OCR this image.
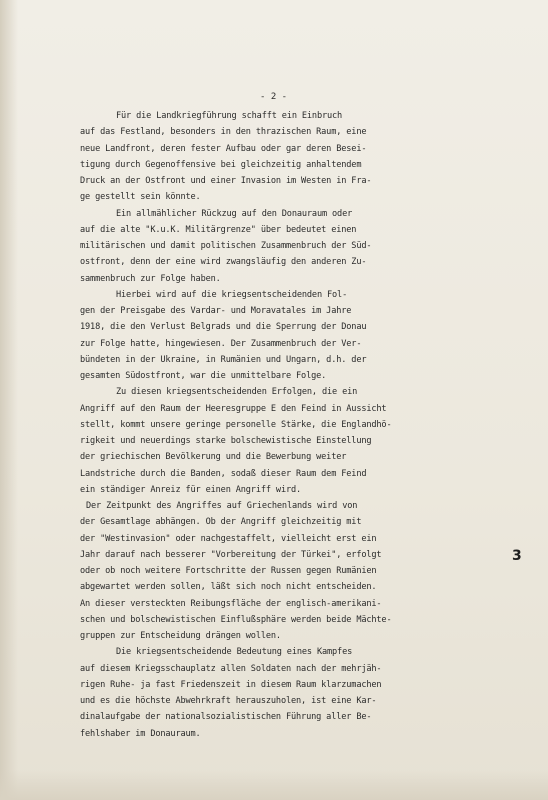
- 2 -
Für die Landkriegführung schafft ein Einbruch
auf das Festland, besonders in den thrazischen Raum, eine
neue Landfront, deren fester Aufbau oder gar deren Besei-
tigung durch Gegenoffensive bei gleichzeitig anhaltendem
Druck an der Ostfront und einer Invasion im Westen in Fra-
ge gestellt sein könnte.
Ein allmählicher Rückzug auf den Donauraum oder
auf die alte "K.u.K. Militärgrenze" über bedeutet einen
militärischen und damit politischen Zusammenbruch der Süd-
ostfront, denn der eine wird zwangsläufig den anderen Zu-
sammenbruch zur Folge haben.
Hierbei wird auf die kriegsentscheidenden Fol-
gen der Preisgabe des Vardar- und Moravatales im Jahre
1918, die den Verlust Belgrads und die Sperrung der Donau
zur Folge hatte, hingewiesen. Der Zusammenbruch der Ver-
bündeten in der Ukraine, in Rumänien und Ungarn, d.h. der
gesamten Südostfront, war die unmittelbare Folge.
Zu diesen kriegsentscheidenden Erfolgen, die ein
Angriff auf den Raum der Heeresgruppe E den Feind in Aussicht
stellt, kommt unsere geringe personelle Stärke, die Englandhö-
rigkeit und neuerdings starke bolschewistische Einstellung
der griechischen Bevölkerung und die Bewerbung weiter
Landstriche durch die Banden, sodaß dieser Raum dem Feind
ein ständiger Anreiz für einen Angriff wird.
Der Zeitpunkt des Angriffes auf Griechenlands wird von
der Gesamtlage abhängen. Ob der Angriff gleichzeitig mit
der "Westinvasion" oder nachgestaffelt, vielleicht erst ein
Jahr darauf nach besserer "Vorbereitung der Türkei", erfolgt
oder ob noch weitere Fortschritte der Russen gegen Rumänien
abgewartet werden sollen, läßt sich noch nicht entscheiden.
An dieser versteckten Reibungsfläche der englisch-amerikani-
schen und bolschewistischen Einflußsphäre werden beide Mächte-
gruppen zur Entscheidung drängen wollen.
Die kriegsentscheidende Bedeutung eines Kampfes
auf diesem Kriegsschauplatz allen Soldaten nach der mehrjäh-
rigen Ruhe- ja fast Friedenszeit in diesem Raum klarzumachen
und es die höchste Abwehrkraft herauszuholen, ist eine Kar-
dinalaufgabe der nationalsozialistischen Führung aller Be-
fehlshaber im Donauraum.
3
